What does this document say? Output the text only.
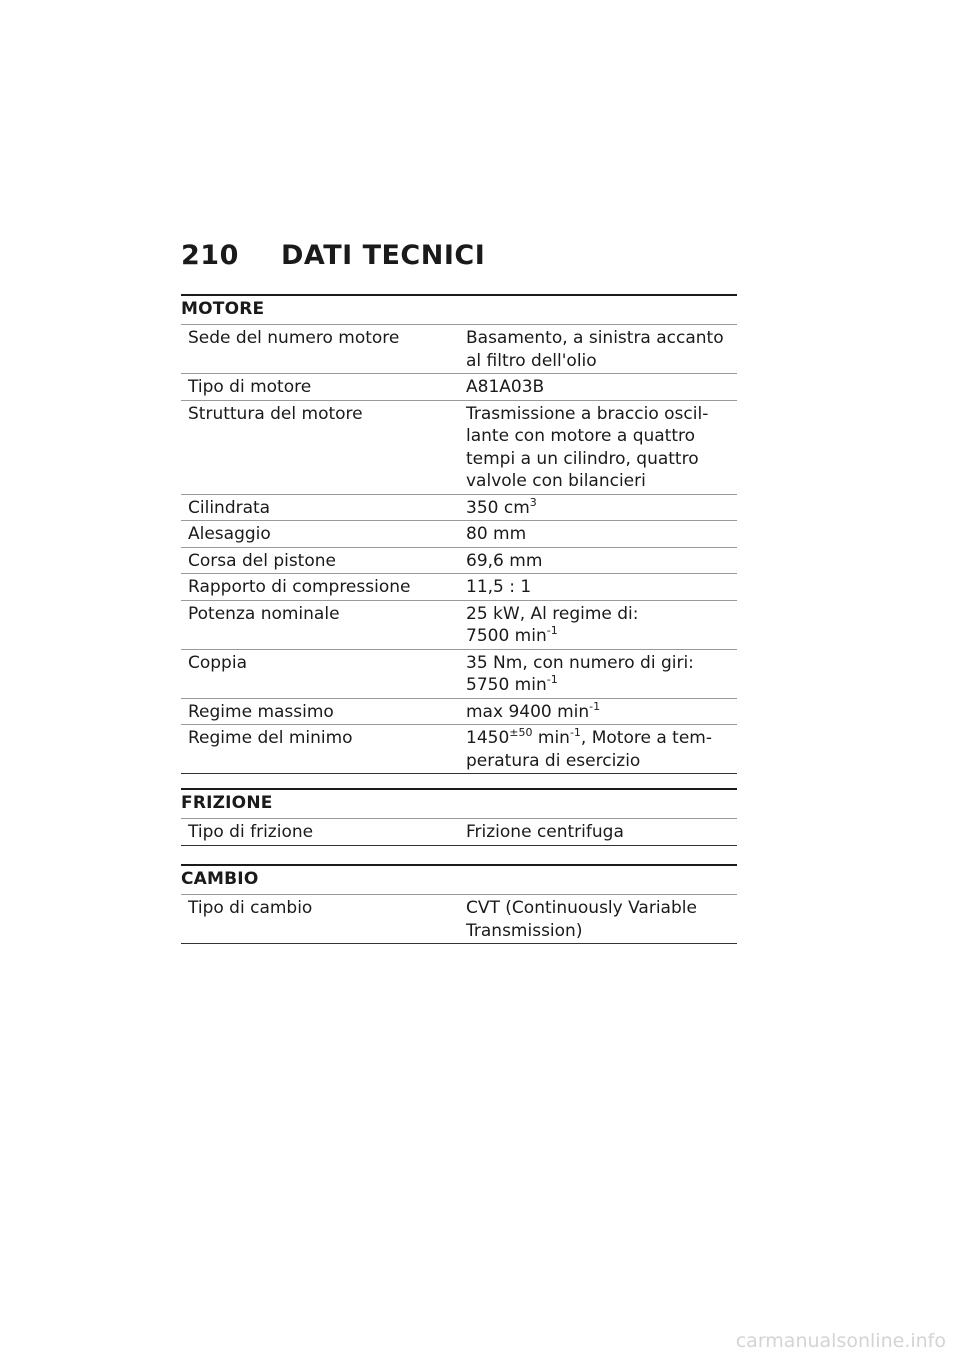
210 DATI TECNICI
MOTORE
Sede del numero motore	Basamento, a sinistra accanto
al filtro dell'olio
Tipo di motore	A81A03B
Struttura del motore	Trasmissione a braccio oscil-
lante con motore a quattro
tempi a un cilindro, quattro
valvole con bilancieri
Cilindrata	350 $cm^3$
Alesaggio	80 mm
Corsa del pistone	69,6 mm
Rapporto di compressione	11,5 : 1
Potenza nominale	25 kW, Al regime di:
7500 $\min^{-1}$
Coppia	35 Nm, con numero di giri:
5750 $\min^{-1}$
Regime massimo	max 9400 $\min^{-1}$
Regime del minimo	$1450^{\pm 50}$ $\min^{-1}$, Motore a tem-
peratura di esercizio
FRIZIONE
Tipo di frizione	Frizione centrifuga
CAMBIO
Tipo di cambio	CVT (Continuously Variable
Transmission)
carmanualsonline.info
